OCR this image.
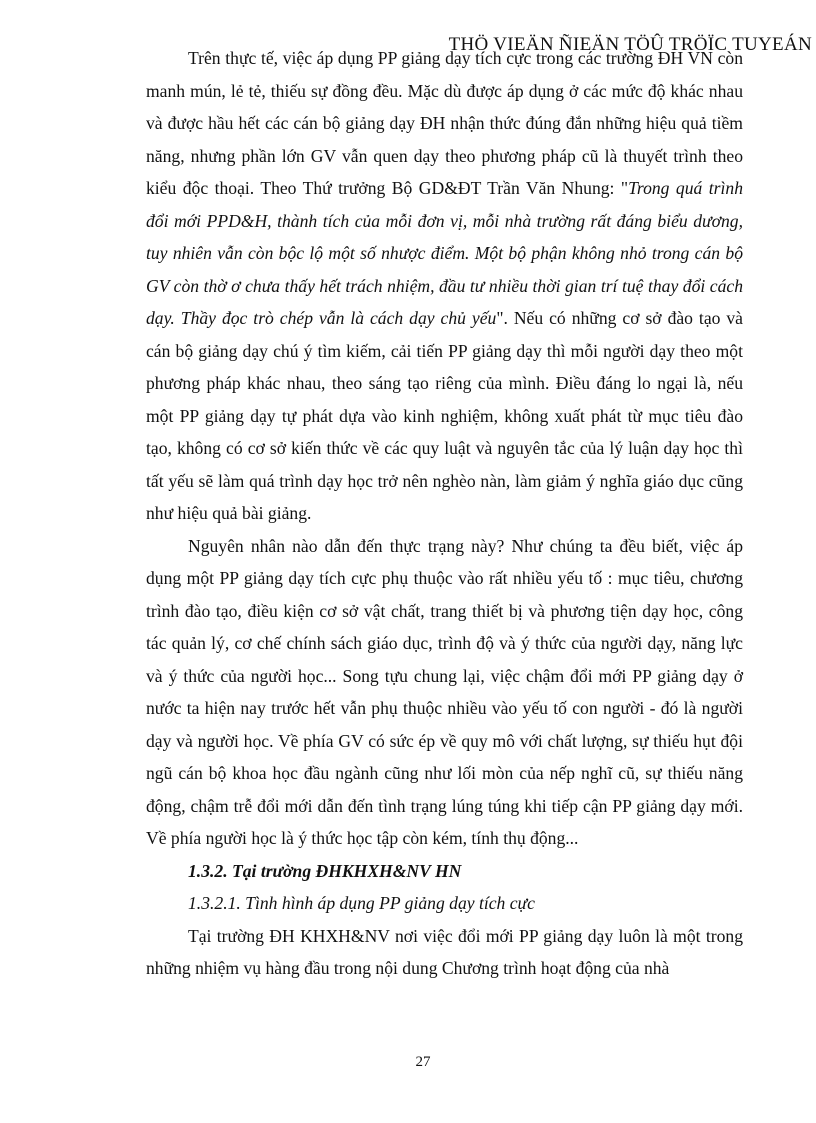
THÖ VIEÄN ÑIEÄN TÖÛ TRÖÏC TUYEÁN

Trên thực tế, việc áp dụng PP giảng dạy tích cực trong các trường ĐH VN còn manh mún, lẻ tẻ, thiếu sự đồng đều. Mặc dù được áp dụng ở các mức độ khác nhau và được hầu hết các cán bộ giảng dạy ĐH nhận thức đúng đắn những hiệu quả tiềm năng, nhưng phần lớn GV vẫn quen dạy theo phương pháp cũ là thuyết trình theo kiểu độc thoại. Theo Thứ trưởng Bộ GD&ĐT Trần Văn Nhung: "Trong quá trình đổi mới PPD&H, thành tích của mỗi đơn vị, mỗi nhà trường rất đáng biểu dương, tuy nhiên vẫn còn bộc lộ một số nhược điểm. Một bộ phận không nhỏ trong cán bộ GV còn thờ ơ chưa thấy hết trách nhiệm, đầu tư nhiều thời gian trí tuệ thay đổi cách dạy. Thầy đọc trò chép vẫn là cách dạy chủ yếu". Nếu có những cơ sở đào tạo và cán bộ giảng dạy chú ý tìm kiếm, cải tiến PP giảng dạy thì mỗi người dạy theo một phương pháp khác nhau, theo sáng tạo riêng của mình. Điều đáng lo ngại là, nếu một PP giảng dạy tự phát dựa vào kinh nghiệm, không xuất phát từ mục tiêu đào tạo, không có cơ sở kiến thức về các quy luật và nguyên tắc của lý luận dạy học thì tất yếu sẽ làm quá trình dạy học trở nên nghèo nàn, làm giảm ý nghĩa giáo dục cũng như hiệu quả bài giảng.

Nguyên nhân nào dẫn đến thực trạng này? Như chúng ta đều biết, việc áp dụng một PP giảng dạy tích cực phụ thuộc vào rất nhiều yếu tố : mục tiêu, chương trình đào tạo, điều kiện cơ sở vật chất, trang thiết bị và phương tiện dạy học, công tác quản lý, cơ chế chính sách giáo dục, trình độ và ý thức của người dạy, năng lực và ý thức của người học... Song tựu chung lại, việc chậm đổi mới PP giảng dạy ở nước ta hiện nay trước hết vẫn phụ thuộc nhiều vào yếu tố con người - đó là người dạy và người học. Về phía GV có sức ép về quy mô với chất lượng, sự thiếu hụt đội ngũ cán bộ khoa học đầu ngành cũng như lối mòn của nếp nghĩ cũ, sự thiếu năng động, chậm trễ đổi mới dẫn đến tình trạng lúng túng khi tiếp cận PP giảng dạy mới. Về phía người học là ý thức học tập còn kém, tính thụ động...

1.3.2. Tại trường ĐHKHXH&NV HN
1.3.2.1. Tình hình áp dụng PP giảng dạy tích cực

Tại trường ĐH KHXH&NV nơi việc đổi mới PP giảng dạy luôn là một trong những nhiệm vụ hàng đầu trong nội dung Chương trình hoạt động của nhà

27
